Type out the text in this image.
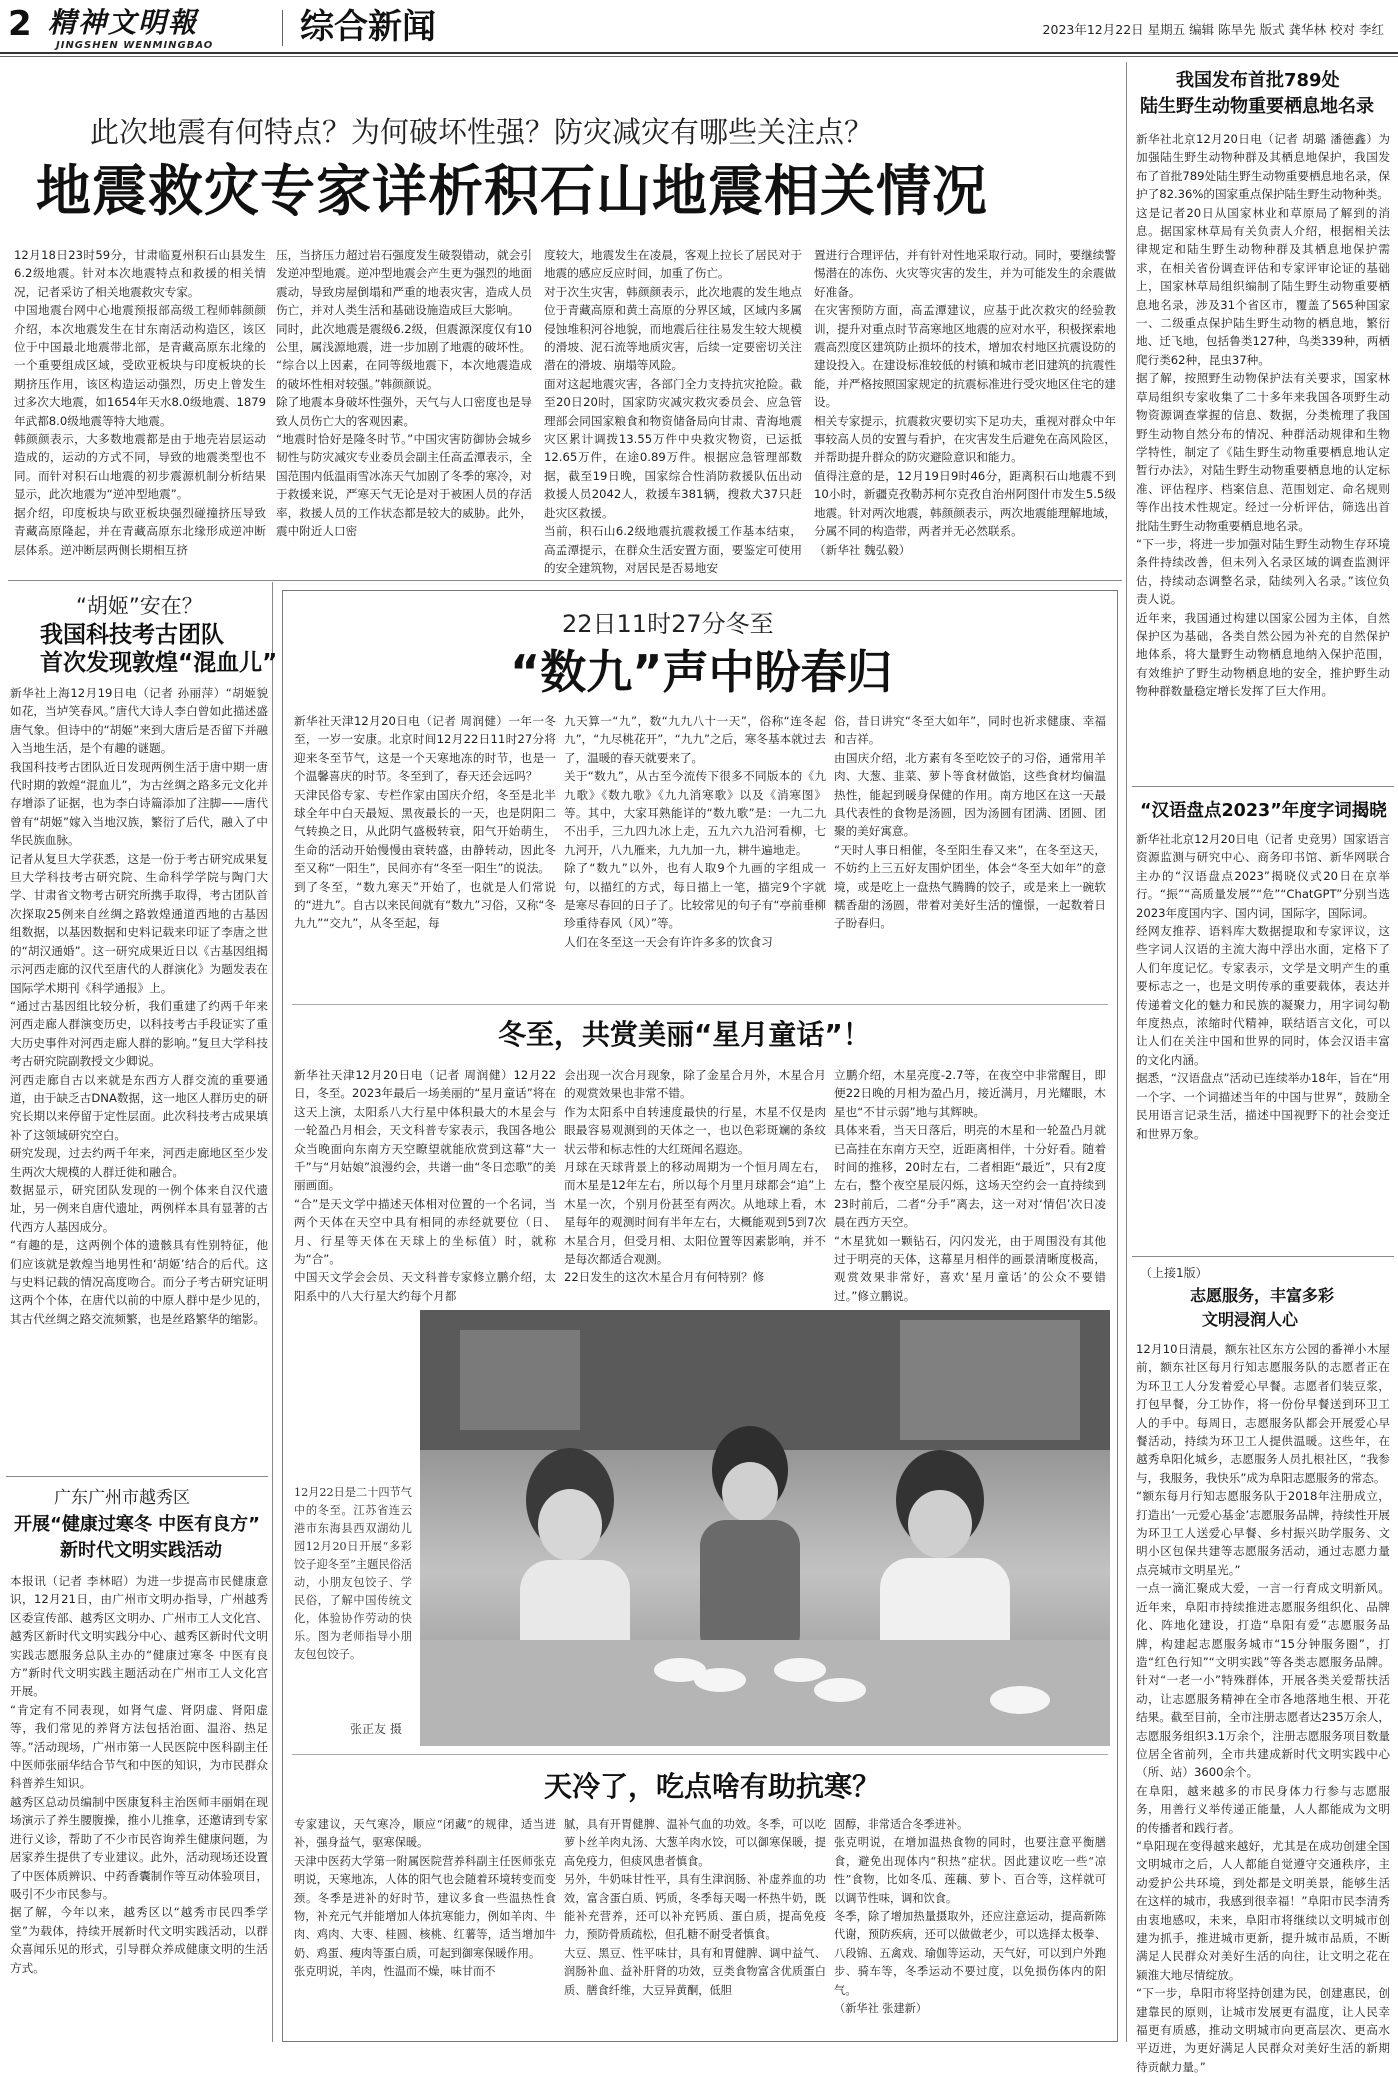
2 精神文明報
JINGSHEN WENMINGBAO	综合新闻	2023年12月22日 星期五 编辑 陈旱先 版式 龚华林 校对 李红
此次地震有何特点？为何破坏性强？防灾减灾有哪些关注点？
地震救灾专家详析积石山地震相关情况
12月18日23时59分，甘肃临夏州积石山县发生6.2级地震。针对本次地震特点和救援的相关情况，记者采访了相关地震救灾专家。
中国地震台网中心地震预报部高级工程师韩颜颜介绍，本次地震发生在甘东南活动构造区，该区位于中国最北地震带北部，是青藏高原东北缘的一个重要组成区域，受欧亚板块与印度板块的长期挤压作用，该区构造运动强烈，历史上曾发生过多次大地震，如1654年天水8.0级地震、1879年武都8.0级地震等特大地震。
韩颜颜表示，大多数地震都是由于地壳岩层运动造成的，运动的方式不同，导致的地震类型也不同。而针对积石山地震的初步震源机制分析结果显示，此次地震为“逆冲型地震”。
据介绍，印度板块与欧亚板块强烈碰撞挤压导致青藏高原隆起，并在青藏高原东北缘形成逆冲断层体系。逆冲断层两侧长期相互挤
压，当挤压力超过岩石强度发生破裂错动，就会引发逆冲型地震。逆冲型地震会产生更为强烈的地面震动，导致房屋倒塌和严重的地表灾害，造成人员伤亡，并对人类生活和基础设施造成巨大影响。
同时，此次地震是震级6.2级，但震源深度仅有10公里，属浅源地震，进一步加剧了地震的破坏性。
“综合以上因素，在同等级地震下，本次地震造成的破坏性相对较强。”韩颜颜说。
除了地震本身破坏性强外，天气与人口密度也是导致人员伤亡大的客观因素。
“地震时恰好是隆冬时节。”中国灾害防御协会城乡韧性与防灾减灾专业委员会副主任高孟潭表示，全国范围内低温雨雪冰冻天气加剧了冬季的寒冷，对于救援来说，严寒天气无论是对于被困人员的存活率，救援人员的工作状态都是较大的威胁。此外，震中附近人口密
度较大，地震发生在凌晨，客观上拉长了居民对于地震的感应反应时间，加重了伤亡。
对于次生灾害，韩颜颜表示，此次地震的发生地点位于青藏高原和黄土高原的分界区域，区域内多属侵蚀堆积河谷地貌，而地震后往往易发生较大规模的滑坡、泥石流等地质灾害，后续一定要密切关注潜在的滑坡、崩塌等风险。
面对这起地震灾害，各部门全力支持抗灾抢险。截至20日20时，国家防灾减灾救灾委员会、应急管理部会同国家粮食和物资储备局向甘肃、青海地震灾区累计调拨13.55万件中央救灾物资，已运抵12.65万件，在途0.89万件。根据应急管理部数据，截至19日晚，国家综合性消防救援队伍出动救援人员2042人，救援车381辆，搜救犬37只赶赴灾区救援。
当前，积石山6.2级地震抗震救援工作基本结束，高孟潭提示，在群众生活安置方面，要鉴定可使用的安全建筑物，对居民是否易地安
置进行合理评估，并有针对性地采取行动。同时，要继续警惕潜在的冻伤、火灾等灾害的发生，并为可能发生的余震做好准备。
在灾害预防方面，高孟潭建议，应基于此次救灾的经验教训，提升对重点时节高寒地区地震的应对水平，积极探索地震高烈度区建筑防止损坏的技术，增加农村地区抗震设防的建设投入。在建设标准较低的村镇和城市老旧建筑的抗震性能，并严格按照国家规定的抗震标准进行受灾地区住宅的建设。
相关专家提示，抗震救灾要切实下足功夫，重视对群众中年事较高人员的安置与看护，在灾害发生后避免在高风险区，并帮助提升群众的防灾避险意识和能力。
值得注意的是，12月19日9时46分，距离积石山地震不到10小时，新疆克孜勒苏柯尔克孜自治州阿图什市发生5.5级地震。针对两次地震，韩颜颜表示，两次地震能理解地域，分属不同的构造带，两者并无必然联系。
（新华社 魏弘毅）
“胡姬”安在？
我国科技考古团队
首次发现敦煌“混血儿”
新华社上海12月19日电（记者 孙丽萍）“胡姬貌如花，当垆笑春风。”唐代大诗人李白曾如此描述盛唐气象。但诗中的“胡姬”来到大唐后是否留下并融入当地生活，是个有趣的谜题。
我国科技考古团队近日发现两例生活于唐中期一唐代时期的敦煌“混血儿”，为古丝绸之路多元文化并存增添了证据，也为李白诗篇添加了注脚——唐代曾有“胡姬”嫁入当地汉族，繁衍了后代，融入了中华民族血脉。
记者从复旦大学获悉，这是一份于考古研究成果复旦大学科技考古研究院、生命科学学院与陶门大学、甘肃省文物考古研究所携手取得，考古团队首次探取25例来自丝绸之路敦煌通道西地的古基因组数据，以基因数据和史料记载来印证了李唐之世的“胡汉通婚”。这一研究成果近日以《古基因组揭示河西走廊的汉代至唐代的人群演化》为题发表在国际学术期刊《科学通报》上。
“通过古基因组比较分析，我们重建了约两千年来河西走廊人群演变历史，以科技考古手段证实了重大历史事件对河西走廊人群的影响。”复旦大学科技考古研究院副教授文少卿说。
河西走廊自古以来就是东西方人群交流的重要通道，由于缺乏古DNA数据，这一地区人群历史的研究长期以来停留于定性层面。此次科技考古成果填补了这领域研究空白。
研究发现，过去约两千年来，河西走廊地区至少发生两次大规模的人群迁徙和融合。
数据显示，研究团队发现的一例个体来自汉代遗址，另一例来自唐代遗址，两例样本具有显著的古代西方人基因成分。
“有趣的是，这两例个体的遗骸具有性别特征，他们应该就是敦煌当地男性和‘胡姬’结合的后代。这与史料记载的情况高度吻合。而分子考古研究证明这两个个体，在唐代以前的中原人群中是少见的，其古代丝绸之路交流频繁，也是丝路繁华的缩影。
广东广州市越秀区
开展“健康过寒冬 中医有良方”
新时代文明实践活动
本报讯（记者 李林昭）为进一步提高市民健康意识，12月21日，由广州市文明办指导，广州越秀区委宣传部、越秀区文明办、广州市工人文化宫、越秀区新时代文明实践分中心、越秀区新时代文明实践志愿服务总队主办的“健康过寒冬 中医有良方”新时代文明实践主题活动在广州市工人文化宫开展。
“肯定有不同表现，如肾气虚、肾阴虚、肾阳虚等，我们常见的养肾方法包括治面、温浴、热足等。”活动现场，广州市第一人民医院中医科副主任中医师张丽华结合节气和中医的知识，为市民群众科普养生知识。
越秀区总动员编制中医康复科主治医师丰丽娟在现场演示了养生腰腹操，推小儿推拿，还邀请到专家进行义诊，帮助了不少市民咨询养生健康问题，为居家养生提供了专业建议。此外，活动现场还设置了中医体质辨识、中药香囊制作等互动体验项目，吸引不少市民参与。
据了解，今年以来，越秀区以“越秀市民四季学堂”为载体，持续开展新时代文明实践活动，以群众喜闻乐见的形式，引导群众养成健康文明的生活方式。
22日11时27分冬至
“数九”声中盼春归
新华社天津12月20日电（记者 周润健）一年一冬至，一岁一安康。北京时间12月22日11时27分将迎来冬至节气，这是一个天寒地冻的时节，也是一个温馨喜庆的时节。冬至到了，春天还会远吗？
天津民俗专家、专栏作家由国庆介绍，冬至是北半球全年中白天最短、黑夜最长的一天，也是阴阳二气转换之日，从此阴气盛极转衰，阳气开始萌生，生命的活动开始慢慢由衰转盛，由静转动，因此冬至又称“一阳生”，民间亦有“冬至一阳生”的说法。
到了冬至，“数九寒天”开始了，也就是人们常说的“进九”。自古以来民间就有“数九”习俗，又称“冬九九”“交九”，从冬至起，每
九天算一“九”，数“九九八十一天”，俗称“连冬起九”，“九尽桃花开”，“九九”之后，寒冬基本就过去了，温暖的春天就要来了。
关于“数九”，从古至今流传下很多不同版本的《九九歌》《数九歌》《九九消寒歌》以及《消寒图》等。其中，大家耳熟能详的“数九歌”是：一九二九不出手，三九四九冰上走，五九六九沿河看柳，七九河开，八九雁来，九九加一九，耕牛遍地走。
除了“数九”以外，也有人取9个九画的字组成一句，以描红的方式，每日描上一笔，描完9个字就是寒尽春回的日子了。比较常见的句子有“亭前垂柳珍重待春风（风）”等。
人们在冬至这一天会有许许多多的饮食习
俗，昔日讲究“冬至大如年”，同时也祈求健康、幸福和吉祥。
由国庆介绍，北方素有冬至吃饺子的习俗，通常用羊肉、大葱、韭菜、萝卜等食材做馅，这些食材均偏温热性，能起到暖身保健的作用。南方地区在这一天最具代表性的食物是汤圆，因为汤圆有团满、团圆、团聚的美好寓意。
“天时人事日相催，冬至阳生春又来”，在冬至这天，不妨约上三五好友围炉团坐，体会“冬至大如年”的意境，或是吃上一盘热气腾腾的饺子，或是来上一碗软糯香甜的汤圆，带着对美好生活的憧憬，一起数着日子盼春归。
冬至，共赏美丽“星月童话”！
新华社天津12月20日电（记者 周润健）12月22日，冬至。2023年最后一场美丽的“星月童话”将在这天上演，太阳系八大行星中体积最大的木星会与一轮盈凸月相会，天文科普专家表示，我国各地公众当晚面向东南方天空瞭望就能欣赏到这幕“大一千”与“月姑娘”浪漫约会，共谱一曲“冬日恋歌”的美丽画面。
“合”是天文学中描述天体相对位置的一个名词，当两个天体在天空中具有相同的赤经就要位（日、月、行星等天体在天球上的坐标值）时，就称为“合”。
中国天文学会会员、天文科普专家修立鹏介绍，太阳系中的八大行星大约每个月都
会出现一次合月现象，除了金星合月外，木星合月的观赏效果也非常不错。
作为太阳系中自转速度最快的行星，木星不仅是肉眼最容易观测到的天体之一，也以色彩斑斓的条纹状云带和标志性的大红斑闻名遐迩。
月球在天球背景上的移动周期为一个恒月周左右，而木星是12年左右，所以每个月里月球都会“追”上木星一次，个别月份甚至有两次。从地球上看，木星每年的观测时间有半年左右，大概能观到5到7次木星合月，但受月相、太阳位置等因素影响，并不是每次都适合观测。
22日发生的这次木星合月有何特别？修
立鹏介绍，木星亮度-2.7等，在夜空中非常醒目，即便22日晚的月相为盈凸月，接近满月，月光耀眼，木星也“不甘示弱”地与其辉映。
具体来看，当天日落后，明亮的木星和一轮盈凸月就已高挂在东南方天空，近距离相伴，十分好看。随着时间的推移，20时左右，二者相距“最近”，只有2度左右，整个夜空星辰闪烁，这场天空约会一直持续到23时前后，二者“分手”离去，这一对对‘情侣’次日凌晨在西方天空。
“木星犹如一颗钻石，闪闪发光，由于周围没有其他过于明亮的天体，这幕星月相伴的画景清晰度极高，观赏效果非常好，喜欢‘星月童话’的公众不要错过。”修立鹏说。
12月22日是二十四节气中的冬至。江苏省连云港市东海县西双湖幼儿园12月20日开展“多彩饺子迎冬至”主题民俗活动，小朋友包饺子、学民俗，了解中国传统文化，体验协作劳动的快乐。图为老师指导小朋友包包饺子。
张正友 摄
天冷了，吃点啥有助抗寒？
专家建议，天气寒冷，顺应“闭藏”的规律，适当进补，强身益气，驱寒保暖。
天津中医药大学第一附属医院营养科副主任医师张克明说，天寒地冻，人体的阳气也会随着环境转变而变颈。冬季是进补的好时节，建议多食一些温热性食物，补充元气并能增加人体抗寒能力，例如羊肉、牛肉、鸡肉、大枣、桂圆、核桃、红薯等，适当增加牛奶、鸡蛋、瘦肉等蛋白质，可起到御寒保暖作用。
张克明说，羊肉，性温而不燥，味甘而不
腻，具有开胃健脾、温补气血的功效。冬季，可以吃萝卜丝羊肉丸汤、大葱羊肉水饺，可以御寒保暖，提高免疫力，但痰风患者慎食。
另外，牛奶味甘性平，具有生津润肠、补虚养血的功效，富含蛋白质、钙质，冬季每天喝一杯热牛奶，既能补充营养，还可以补充钙质、蛋白质，提高免疫力，预防骨质疏松，但孔糖不耐受者慎食。
大豆、黑豆、性平味甘，具有和胃健脾、调中益气、润肠补血、益补肝肾的功效，豆类食物富含优质蛋白质、膳食纤维，大豆异黄酮，低胆
固醇，非常适合冬季进补。
张克明说，在增加温热食物的同时，也要注意平衡膳食，避免出现体内“积热”症状。因此建议吃一些“凉性”食物，比如冬瓜、莲藕、萝卜、百合等，这样就可以调节性味，调和饮食。
冬季，除了增加热量摄取外，还应注意运动，提高新陈代谢，预防疾病，还可以做做老少，可以选择太极拳、八段锦、五禽戏、瑜伽等运动，天气好，可以到户外跑步、骑车等，冬季运动不要过度，以免损伤体内的阳气。
（新华社 张建新）
我国发布首批789处
陆生野生动物重要栖息地名录
新华社北京12月20日电（记者 胡璐 潘德鑫）为加强陆生野生动物种群及其栖息地保护，我国发布了首批789处陆生野生动物重要栖息地名录，保护了82.36%的国家重点保护陆生野生动物种类。
这是记者20日从国家林业和草原局了解到的消息。据国家林草局有关负责人介绍，根据相关法律规定和陆生野生动物种群及其栖息地保护需求，在相关省份调查评估和专家评审论证的基础上，国家林草局组织编制了陆生野生动物重要栖息地名录，涉及31个省区市，覆盖了565种国家一、二级重点保护陆生野生动物的栖息地，繁衍地、迁飞地，包括鲁类127种，鸟类339种，两栖爬行类62种，昆虫37种。
据了解，按照野生动物保护法有关要求，国家林草局组织专家收集了二十多年来我国各项野生动物资源调查掌握的信息、数据，分类梳理了我国野生动物自然分布的情况、种群活动规律和生物学特性，制定了《陆生野生动物重要栖息地认定暂行办法》，对陆生野生动物重要栖息地的认定标准、评估程序、档案信息、范围划定、命名规则等作出技术性规定。经过一分析评估，筛选出首批陆生野生动物重要栖息地名录。
“下一步，将进一步加强对陆生野生动物生存环境条件持续改善，但未列入名录区域的调查监测评估，持续动态调整名录，陆续列入名录。”该位负责人说。
近年来，我国通过构建以国家公园为主体，自然保护区为基础，各类自然公园为补充的自然保护地体系，将大量野生动物栖息地纳入保护范围，有效维护了野生动物栖息地的安全，推护野生动物种群数量稳定增长发挥了巨大作用。
“汉语盘点2023”年度字词揭晓
新华社北京12月20日电（记者 史竞男）国家语言资源监测与研究中心、商务印书馆、新华网联合主办的“汉语盘点2023”揭晓仪式20日在京举行。“振”“高质量发展”“危”“ChatGPT”分别当选2023年度国内字、国内词，国际字，国际词。
经网友推荐、语料库大数据提取和专家评议，这些字词人汉语的主流大海中浮出水面，定格下了人们年度记忆。专家表示，文学是文明产生的重要标志之一，也是文明传承的重要载体，表达并传递着文化的魅力和民族的凝聚力，用字词勾勒年度热点，浓缩时代精神，联结语言文化，可以让人们在关注中国和世界的同时，体会汉语丰富的文化内涵。
据悉，“汉语盘点”活动已连续举办18年，旨在“用一个字、一个词描述当年的中国与世界”，鼓励全民用语言记录生活，描述中国视野下的社会变迁和世界万象。
（上接1版）
志愿服务，丰富多彩
文明浸润人心
12月10日清晨，额东社区东方公园的番禅小木屋前，额东社区每月行知志愿服务队的志愿者正在为环卫工人分发着爱心早餐。志愿者们装豆浆，打包早餐，分工协作，将一份份早餐送到环卫工人的手中。每周日，志愿服务队都会开展爱心早餐活动，持续为环卫工人提供温暖。这些年，在越秀阜阳化城乡，志愿服务人员扎根社区，“我参与，我服务，我快乐”成为阜阳志愿服务的常态。
“额东每月行知志愿服务队于2018年注册成立，打造出‘一元爱心基金’志愿服务品牌，持续性开展为环卫工人送爱心早餐、乡村振兴助学服务、文明小区包保共建等志愿服务活动，通过志愿力量点亮城市文明星光。”
一点一滴汇聚成大爱，一言一行育成文明新风。近年来，阜阳市持续推进志愿服务组织化、品牌化、阵地化建设，打造“阜阳有爱”志愿服务品牌，构建起志愿服务城市“15分钟服务圈”，打造“红色行知”“文明实践”等各类志愿服务品牌。针对“一老一小”特殊群体，开展各类关爱帮扶活动，让志愿服务精神在全市各地落地生根、开花结果。截至目前，全市注册志愿者达235万余人，志愿服务组织3.1万余个，注册志愿服务项目数量位居全省前列，全市共建成新时代文明实践中心（所、站）3600余个。
在阜阳，越来越多的市民身体力行参与志愿服务，用善行义举传递正能量，人人都能成为文明的传播者和践行者。
“阜阳现在变得越来越好，尤其是在成功创建全国文明城市之后，人人都能自觉遵守交通秩序，主动爱护公共环境，到处都是文明美景，能够生活在这样的城市，我感到很幸福！”阜阳市民李清秀由衷地感叹，未来，阜阳市将继续以文明城市创建为抓手，推进城市更新，提升城市品质，不断满足人民群众对美好生活的向往，让文明之花在颍淮大地尽情绽放。
“下一步，阜阳市将坚持创建为民，创建惠民，创建靠民的原则，让城市发展更有温度，让人民幸福更有质感，推动文明城市向更高层次、更高水平迈进，为更好满足人民群众对美好生活的新期待贡献力量。”
